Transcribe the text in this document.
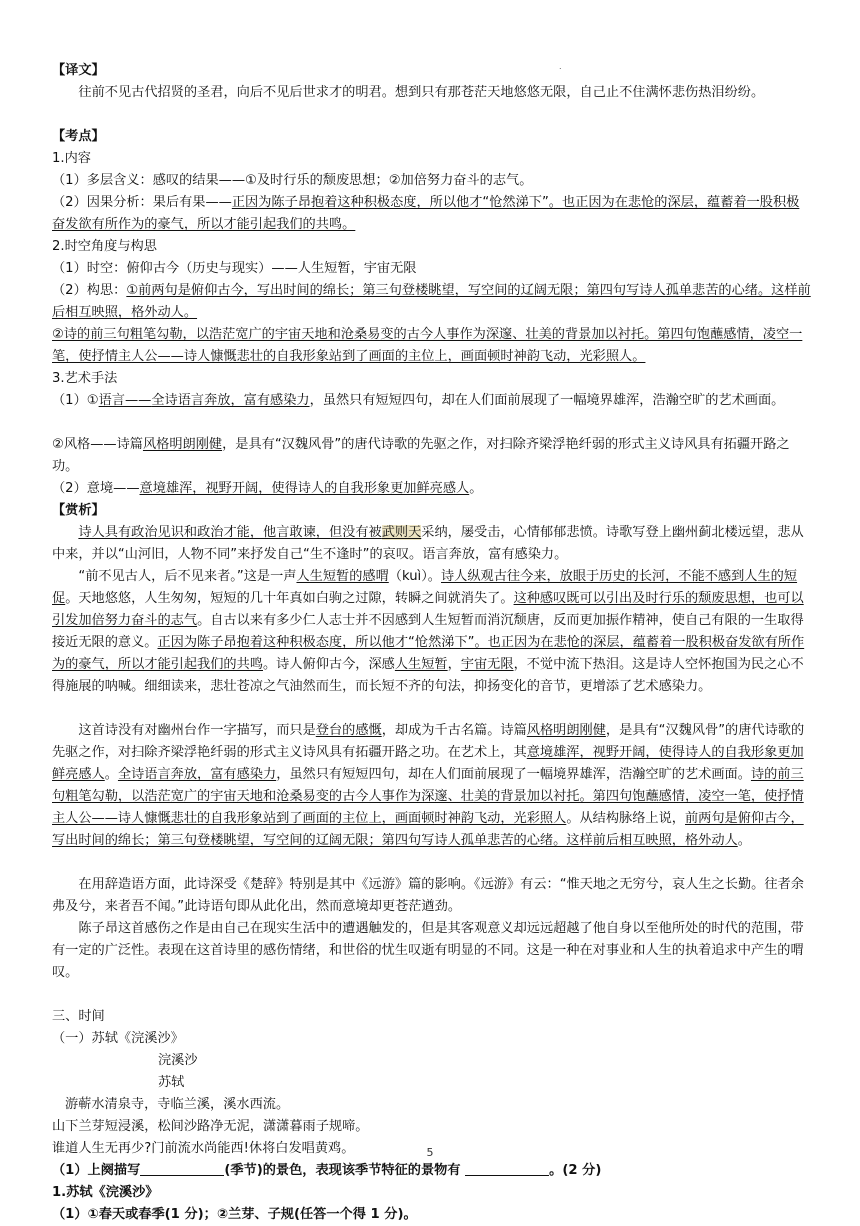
.
【译文】
往前不见古代招贤的圣君，向后不见后世求才的明君。想到只有那苍茫天地悠悠无限，自己止不住满怀悲伤热泪纷纷。
【考点】
1.内容
（1）多层含义：感叹的结果——①及时行乐的颓废思想；②加倍努力奋斗的志气。
（2）因果分析：果后有果——正因为陈子昂抱着这种积极态度，所以他才“怆然涕下”。也正因为在悲怆的深层，蕴蓄着一股积极奋发欲有所作为的豪气，所以才能引起我们的共鸣。
2.时空角度与构思
（1）时空：俯仰古今（历史与现实）——人生短暂，宇宙无限
（2）构思：①前两句是俯仰古今，写出时间的绵长；第三句登楼眺望，写空间的辽阔无限；第四句写诗人孤单悲苦的心绪。这样前后相互映照，格外动人。
②诗的前三句粗笔勾勒，以浩茫宽广的宇宙天地和沧桑易变的古今人事作为深邃、壮美的背景加以衬托。第四句饱蘸感情，凌空一笔，使抒情主人公——诗人慷慨悲壮的自我形象站到了画面的主位上，画面顿时神韵飞动，光彩照人。
3.艺术手法
（1）①语言——全诗语言奔放，富有感染力，虽然只有短短四句，却在人们面前展现了一幅境界雄浑，浩瀚空旷的艺术画面。
②风格——诗篇风格明朗刚健，是具有“汉魏风骨”的唐代诗歌的先驱之作，对扫除齐梁浮艳纤弱的形式主义诗风具有拓疆开路之功。
（2）意境——意境雄浑，视野开阔，使得诗人的自我形象更加鲜亮感人。
【赏析】
诗人具有政治见识和政治才能，他言敢谏，但没有被武则天采纳，屡受击，心情郁郁悲愤。诗歌写登上幽州蓟北楼远望，悲从中来，并以“山河旧，人物不同”来抒发自己“生不逢时”的哀叹。语言奔放，富有感染力。
“前不见古人，后不见来者。”这是一声人生短暂的感喟（kuì）。诗人纵观古往今来，放眼于历史的长河，不能不感到人生的短促。天地悠悠，人生匆匆，短短的几十年真如白驹之过隙，转瞬之间就消失了。这种感叹既可以引出及时行乐的颓废思想，也可以引发加倍努力奋斗的志气。自古以来有多少仁人志士并不因感到人生短暂而消沉颓唐，反而更加振作精神，使自己有限的一生取得接近无限的意义。正因为陈子昂抱着这种积极态度，所以他才“怆然涕下”。也正因为在悲怆的深层，蕴蓄着一股积极奋发欲有所作为的豪气，所以才能引起我们的共鸣。诗人俯仰古今，深感人生短暂，宇宙无限，不觉中流下热泪。这是诗人空怀抱国为民之心不得施展的呐喊。细细读来，悲壮苍凉之气油然而生，而长短不齐的句法，抑扬变化的音节，更增添了艺术感染力。
这首诗没有对幽州台作一字描写，而只是登台的感慨，却成为千古名篇。诗篇风格明朗刚健，是具有“汉魏风骨”的唐代诗歌的先驱之作，对扫除齐梁浮艳纤弱的形式主义诗风具有拓疆开路之功。在艺术上，其意境雄浑，视野开阔，使得诗人的自我形象更加鲜亮感人。全诗语言奔放，富有感染力，虽然只有短短四句，却在人们面前展现了一幅境界雄浑，浩瀚空旷的艺术画面。诗的前三句粗笔勾勒，以浩茫宽广的宇宙天地和沧桑易变的古今人事作为深邃、壮美的背景加以衬托。第四句饱蘸感情，凌空一笔，使抒情主人公——诗人慷慨悲壮的自我形象站到了画面的主位上，画面顿时神韵飞动，光彩照人。从结构脉络上说，前两句是俯仰古今，写出时间的绵长；第三句登楼眺望，写空间的辽阔无限；第四句写诗人孤单悲苦的心绪。这样前后相互映照，格外动人。
在用辞造语方面，此诗深受《楚辞》特别是其中《远游》篇的影响。《远游》有云：“惟天地之无穷兮，哀人生之长勤。往者余弗及兮，来者吾不闻。”此诗语句即从此化出，然而意境却更苍茫遒劲。
陈子昂这首感伤之作是由自己在现实生活中的遭遇触发的，但是其客观意义却远远超越了他自身以至他所处的时代的范围，带有一定的广泛性。表现在这首诗里的感伤情绪，和世俗的忧生叹逝有明显的不同。这是一种在对事业和人生的执着追求中产生的喟叹。
三、时间
（一）苏轼《浣溪沙》
浣溪沙
苏轼
游蕲水清泉寺，寺临兰溪，溪水西流。
山下兰芽短浸溪，松间沙路净无泥，潇潇暮雨子规啼。
谁道人生无再少?门前流水尚能西!休将白发唱黄鸡。
（1）上阕描写	(季节)的景色，表现该季节特征的景物有	。(2 分)
1.苏轼《浣溪沙》
（1）①春天或春季(1 分)；②兰芽、子规(任答一个得 1 分)。
5
